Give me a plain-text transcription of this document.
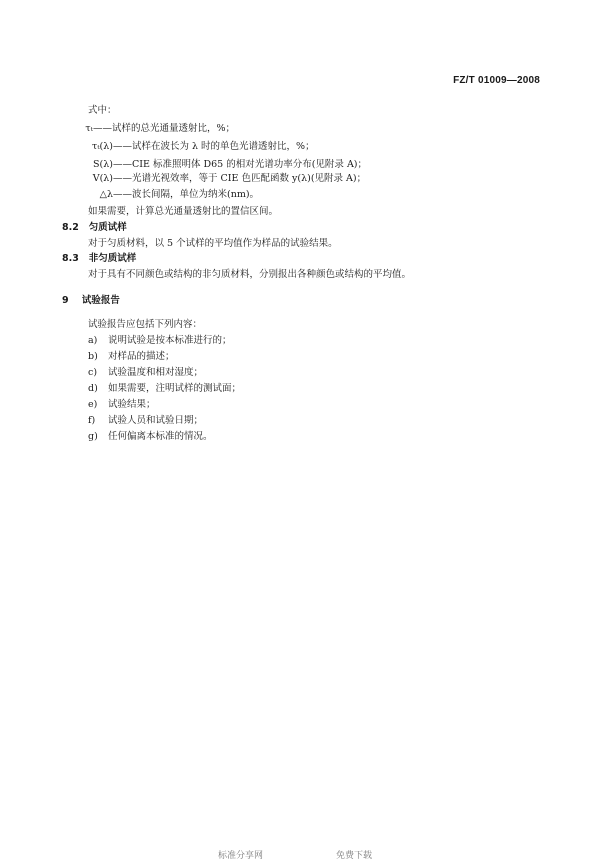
FZ/T 01009—2008
式中：
τₜ——试样的总光通量透射比，%；
τₜ(λ)——试样在波长为 λ 时的单色光谱透射比，%；
S(λ)——CIE 标准照明体 D65 的相对光谱功率分布(见附录 A)；
V(λ)——光谱光视效率，等于 CIE 色匹配函数 y(λ)(见附录 A)；
△λ——波长间隔，单位为纳米(nm)。
如果需要，计算总光通量透射比的置信区间。
8.2 匀质试样
对于匀质材料，以 5 个试样的平均值作为样品的试验结果。
8.3 非匀质试样
对于具有不同颜色或结构的非匀质材料，分别报出各种颜色或结构的平均值。
9 试验报告
试验报告应包括下列内容：
a) 说明试验是按本标准进行的；
b) 对样品的描述；
c) 试验温度和相对湿度；
d) 如果需要，注明试样的测试面；
e) 试验结果；
f) 试验人员和试验日期；
g) 任何偏离本标准的情况。
标准分享网	免费下载
